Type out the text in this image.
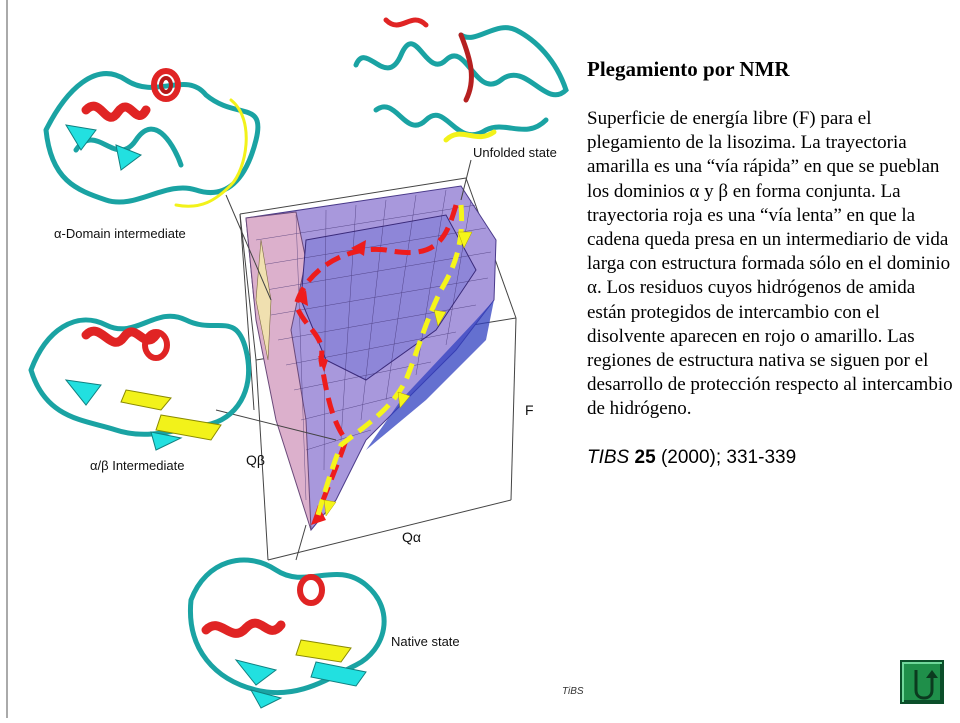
Unfolded state
α-Domain intermediate
α/β Intermediate
Native state
F
Qβ
Qα
TiBS
Plegamiento por NMR

Superficie de energía libre (F) para el plegamiento de la lisozima. La trayectoria amarilla es una “vía rápida” en que se pueblan los dominios α y β en forma conjunta. La trayectoria roja es una “vía lenta” en que la cadena queda presa en un intermediario de vida larga con estructura formada sólo en el dominio α. Los residuos cuyos hidrógenos de amida están protegidos de intercambio con el disolvente aparecen en rojo o amarillo. Las regiones de estructura nativa se siguen por el desarrollo de protección respecto al intercambio de hidrógeno.

TIBS 25 (2000); 331-339
